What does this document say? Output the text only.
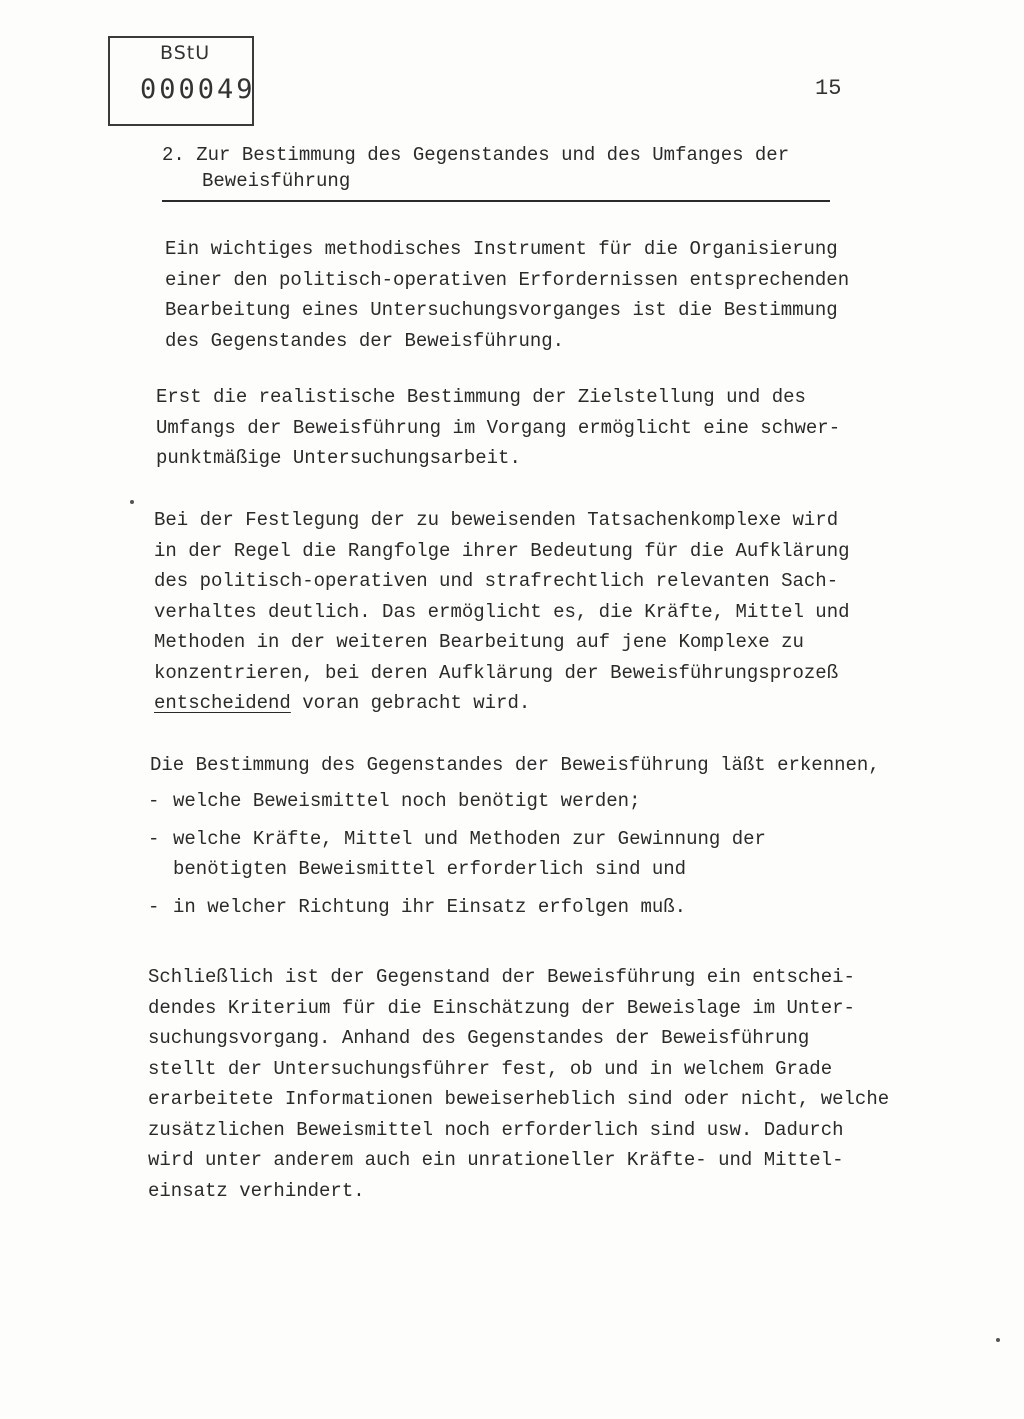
BStU
000049	15
2. Zur Bestimmung des Gegenstandes und des Umfanges der
Beweisführung
Ein wichtiges methodisches Instrument für die Organisierung
einer den politisch-operativen Erfordernissen entsprechenden
Bearbeitung eines Untersuchungsvorganges ist die Bestimmung
des Gegenstandes der Beweisführung.
Erst die realistische Bestimmung der Zielstellung und des
Umfangs der Beweisführung im Vorgang ermöglicht eine schwer-
punktmäßige Untersuchungsarbeit.
Bei der Festlegung der zu beweisenden Tatsachenkomplexe wird
in der Regel die Rangfolge ihrer Bedeutung für die Aufklärung
des politisch-operativen und strafrechtlich relevanten Sach-
verhaltes deutlich. Das ermöglicht es, die Kräfte, Mittel und
Methoden in der weiteren Bearbeitung auf jene Komplexe zu
konzentrieren, bei deren Aufklärung der Beweisführungsprozeß
entscheidend voran gebracht wird.
Die Bestimmung des Gegenstandes der Beweisführung läßt erkennen,
- welche Beweismittel noch benötigt werden;
- welche Kräfte, Mittel und Methoden zur Gewinnung der
benötigten Beweismittel erforderlich sind und
- in welcher Richtung ihr Einsatz erfolgen muß.
Schließlich ist der Gegenstand der Beweisführung ein entschei-
dendes Kriterium für die Einschätzung der Beweislage im Unter-
suchungsvorgang. Anhand des Gegenstandes der Beweisführung
stellt der Untersuchungsführer fest, ob und in welchem Grade
erarbeitete Informationen beweiserheblich sind oder nicht, welche
zusätzlichen Beweismittel noch erforderlich sind usw. Dadurch
wird unter anderem auch ein unrationeller Kräfte- und Mittel-
einsatz verhindert.
